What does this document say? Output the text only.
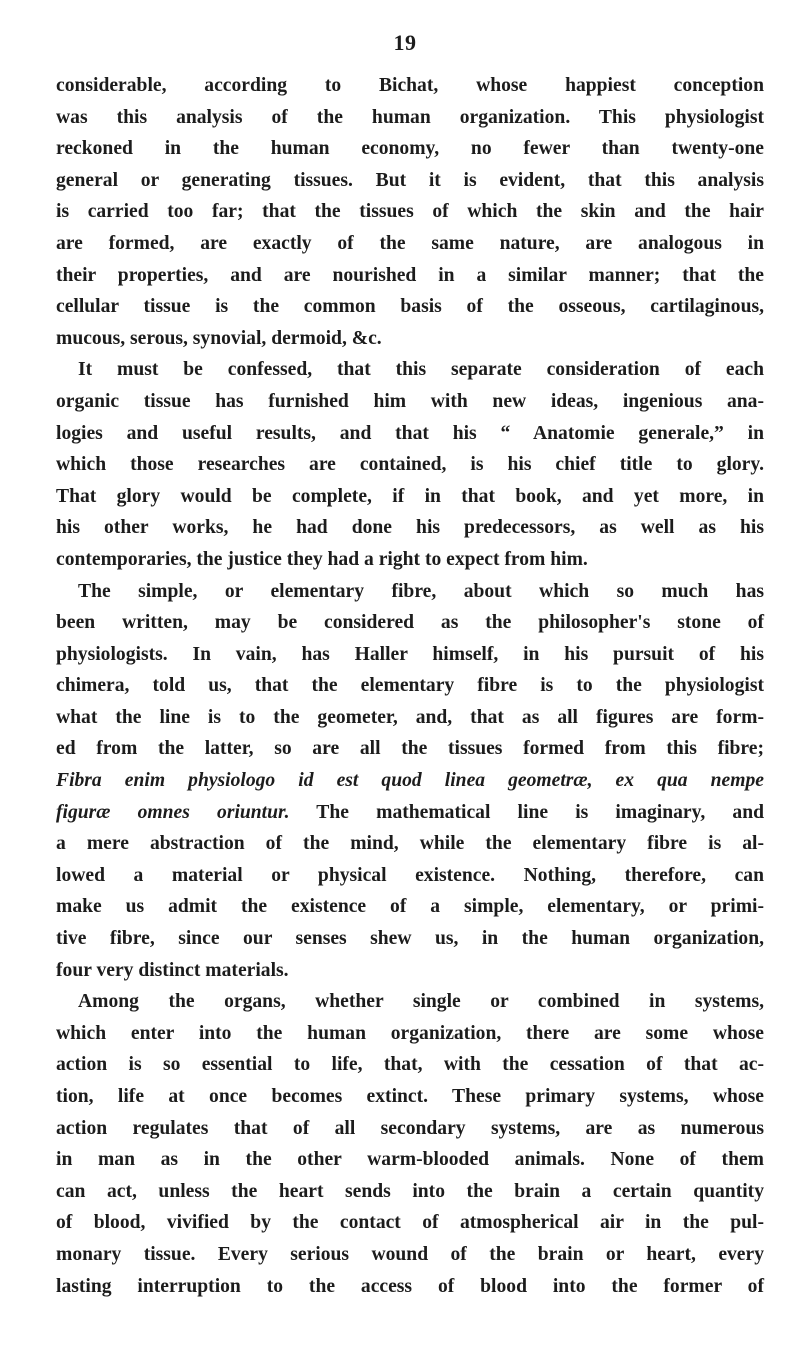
19
considerable, according to Bichat, whose happiest conception
was this analysis of the human organization. This physiologist
reckoned in the human economy, no fewer than twenty-one
general or generating tissues. But it is evident, that this analysis
is carried too far; that the tissues of which the skin and the hair
are formed, are exactly of the same nature, are analogous in
their properties, and are nourished in a similar manner; that the
cellular tissue is the common basis of the osseous, cartilaginous,
mucous, serous, synovial, dermoid, &c.
It must be confessed, that this separate consideration of each
organic tissue has furnished him with new ideas, ingenious ana-
logies and useful results, and that his “ Anatomie generale,” in
which those researches are contained, is his chief title to glory.
That glory would be complete, if in that book, and yet more, in
his other works, he had done his predecessors, as well as his
contemporaries, the justice they had a right to expect from him.
The simple, or elementary fibre, about which so much has
been written, may be considered as the philosopher's stone of
physiologists. In vain, has Haller himself, in his pursuit of his
chimera, told us, that the elementary fibre is to the physiologist
what the line is to the geometer, and, that as all figures are form-
ed from the latter, so are all the tissues formed from this fibre;
Fibra enim physiologo id est quod linea geometræ, ex qua nempe
figuræ omnes oriuntur. The mathematical line is imaginary, and
a mere abstraction of the mind, while the elementary fibre is al-
lowed a material or physical existence. Nothing, therefore, can
make us admit the existence of a simple, elementary, or primi-
tive fibre, since our senses shew us, in the human organization,
four very distinct materials.
Among the organs, whether single or combined in systems,
which enter into the human organization, there are some whose
action is so essential to life, that, with the cessation of that ac-
tion, life at once becomes extinct. These primary systems, whose
action regulates that of all secondary systems, are as numerous
in man as in the other warm-blooded animals. None of them
can act, unless the heart sends into the brain a certain quantity
of blood, vivified by the contact of atmospherical air in the pul-
monary tissue. Every serious wound of the brain or heart, every
lasting interruption to the access of blood into the former of
